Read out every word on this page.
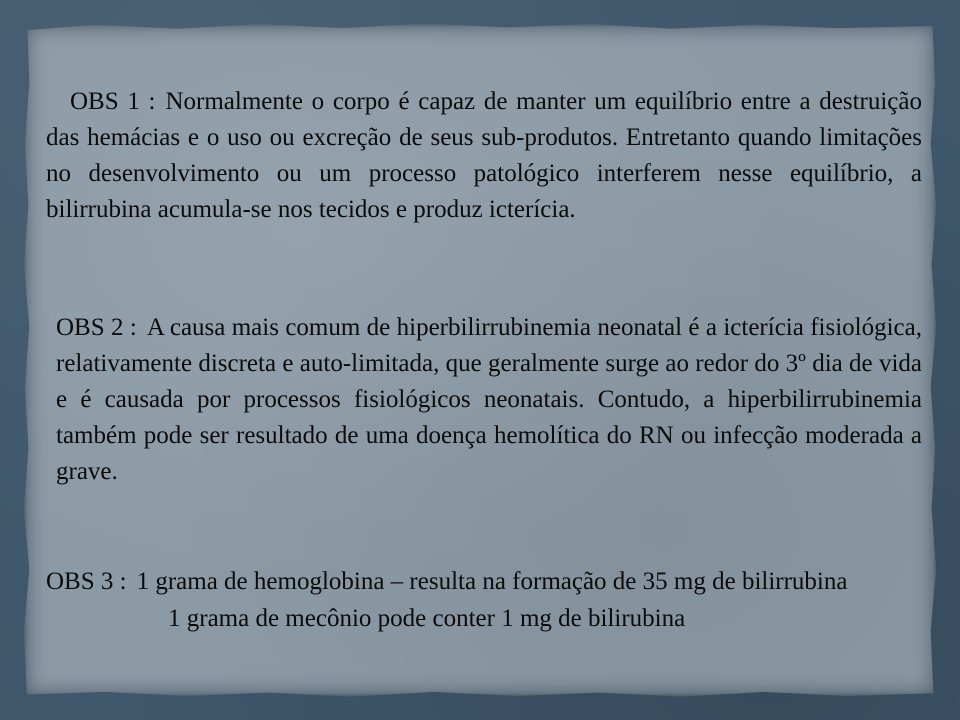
OBS 1 : Normalmente o corpo é capaz de manter um equilíbrio entre a destruição das hemácias e o uso ou excreção de seus sub-produtos. Entretanto quando limitações no desenvolvimento ou um processo patológico interferem nesse equilíbrio, a bilirrubina acumula-se nos tecidos e produz icterícia.
OBS 2 : A causa mais comum de hiperbilirrubinemia neonatal é a icterícia fisiológica, relativamente discreta e auto-limitada, que geralmente surge ao redor do 3º dia de vida e é causada por processos fisiológicos neonatais. Contudo, a hiperbilirrubinemia também pode ser resultado de uma doença hemolítica do RN ou infecção moderada a grave.
OBS 3 : 1 grama de hemoglobina – resulta na formação de 35 mg de bilirrubina
1 grama de mecônio pode conter 1 mg de bilirubina
